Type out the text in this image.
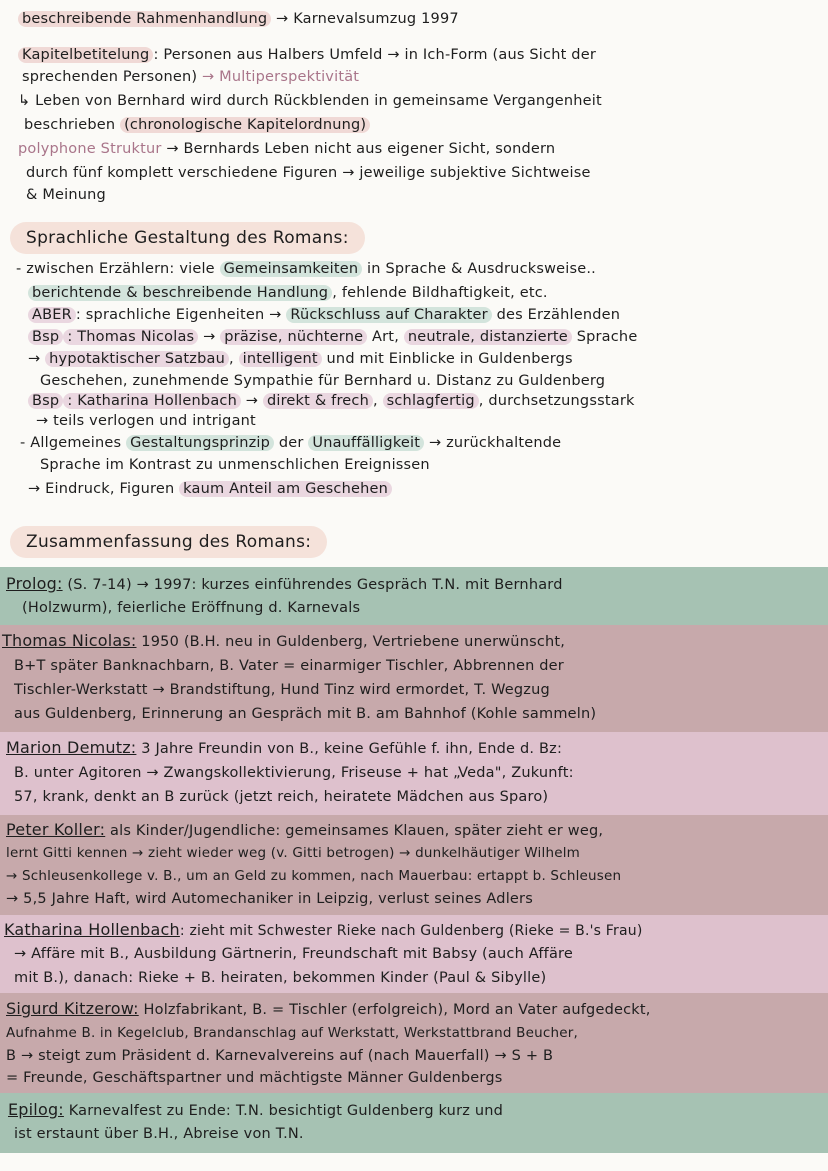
beschreibende Rahmenhandlung → Karnevalsumzug 1997
Kapitelbetitelung : Personen aus Halbers Umfeld → in Ich-Form (aus Sicht der
sprechenden Personen) → Multiperspektivität
↳ Leben von Bernhard wird durch Rückblenden in gemeinsame Vergangenheit
beschrieben (chronologische Kapitelordnung)
polyphone Struktur → Bernhards Leben nicht aus eigener Sicht, sondern
durch fünf komplett verschiedene Figuren → jeweilige subjektive Sichtweise
& Meinung
Sprachliche Gestaltung des Romans:
- zwischen Erzählern: viele Gemeinsamkeiten in Sprache & Ausdrucksweise..
berichtende & beschreibende Handlung , fehlende Bildhaftigkeit, etc.
ABER : sprachliche Eigenheiten → Rückschluss auf Charakter des Erzählenden
Bsp : Thomas Nicolas → präzise, nüchterne Art, neutrale, distanzierte Sprache
→ hypotaktischer Satzbau , intelligent und mit Einblicke in Guldenbergs
Geschehen, zunehmende Sympathie für Bernhard u. Distanz zu Guldenberg
Bsp : Katharina Hollenbach → direkt & frech , schlagfertig , durchsetzungsstark
→ teils verlogen und intrigant
- Allgemeines Gestaltungsprinzip der Unauffälligkeit → zurückhaltende
Sprache im Kontrast zu unmenschlichen Ereignissen
→ Eindruck, Figuren kaum Anteil am Geschehen
Zusammenfassung des Romans:
Prolog: (S. 7-14) → 1997: kurzes einführendes Gespräch T.N. mit Bernhard
(Holzwurm), feierliche Eröffnung d. Karnevals
Thomas Nicolas: 1950 (B.H. neu in Guldenberg, Vertriebene unerwünscht,
B+T später Banknachbarn, B. Vater = einarmiger Tischler, Abbrennen der
Tischler-Werkstatt → Brandstiftung, Hund Tinz wird ermordet, T. Wegzug
aus Guldenberg, Erinnerung an Gespräch mit B. am Bahnhof (Kohle sammeln)
Marion Demutz: 3 Jahre Freundin von B., keine Gefühle f. ihn, Ende d. Bz:
B. unter Agitoren → Zwangskollektivierung, Friseuse + hat „Veda", Zukunft:
57, krank, denkt an B zurück (jetzt reich, heiratete Mädchen aus Sparo)
Peter Koller: als Kinder/Jugendliche: gemeinsames Klauen, später zieht er weg,
lernt Gitti kennen → zieht wieder weg (v. Gitti betrogen) → dunkelhäutiger Wilhelm
→ Schleusenkollege v. B., um an Geld zu kommen, nach Mauerbau: ertappt b. Schleusen
→ 5,5 Jahre Haft, wird Automechaniker in Leipzig, verlust seines Adlers
Katharina Hollenbach: zieht mit Schwester Rieke nach Guldenberg (Rieke = B.'s Frau)
→ Affäre mit B., Ausbildung Gärtnerin, Freundschaft mit Babsy (auch Affäre
mit B.), danach: Rieke + B. heiraten, bekommen Kinder (Paul & Sibylle)
Sigurd Kitzerow: Holzfabrikant, B. = Tischler (erfolgreich), Mord an Vater aufgedeckt,
Aufnahme B. in Kegelclub, Brandanschlag auf Werkstatt, Werkstattbrand Beucher,
B → steigt zum Präsident d. Karnevalvereins auf (nach Mauerfall) → S + B
= Freunde, Geschäftspartner und mächtigste Männer Guldenbergs
Epilog: Karnevalfest zu Ende: T.N. besichtigt Guldenberg kurz und
ist erstaunt über B.H., Abreise von T.N.
